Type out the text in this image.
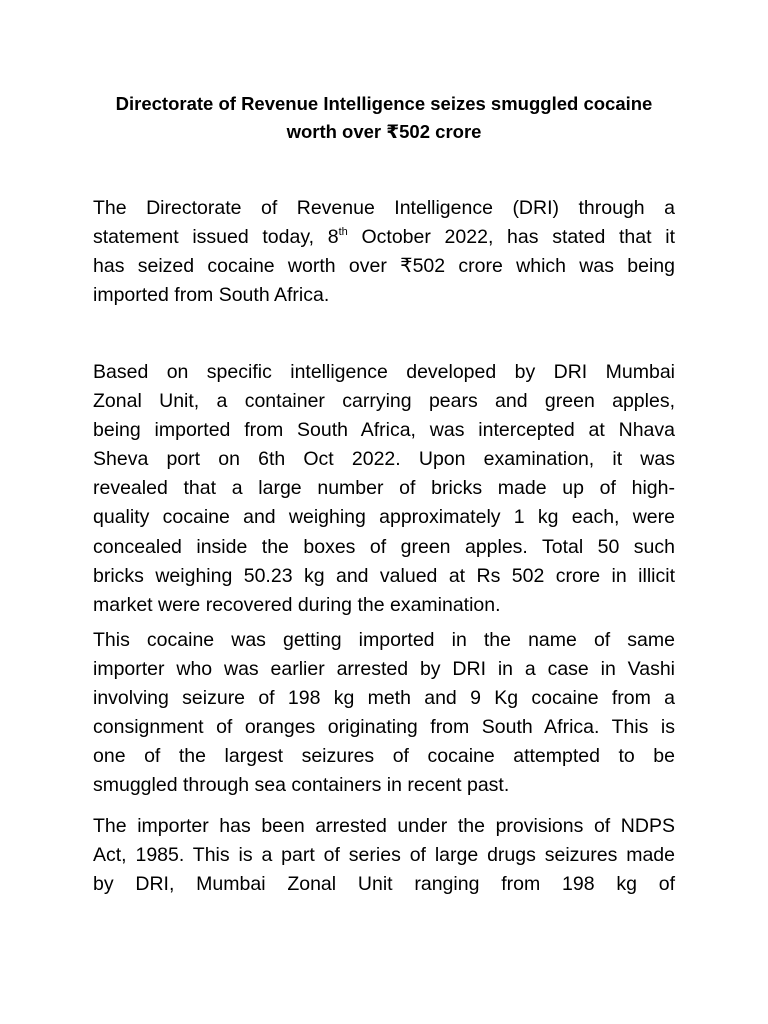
Directorate of Revenue Intelligence seizes smuggled cocaine
worth over ₹502 crore
The Directorate of Revenue Intelligence (DRI) through a
statement issued today, 8th October 2022, has stated that it
has seized cocaine worth over ₹502 crore which was being
imported from South Africa.
Based on specific intelligence developed by DRI Mumbai
Zonal Unit, a container carrying pears and green apples,
being imported from South Africa, was intercepted at Nhava
Sheva port on 6th Oct 2022. Upon examination, it was
revealed that a large number of bricks made up of high-
quality cocaine and weighing approximately 1 kg each, were
concealed inside the boxes of green apples. Total 50 such
bricks weighing 50.23 kg and valued at Rs 502 crore in illicit
market were recovered during the examination.
This cocaine was getting imported in the name of same
importer who was earlier arrested by DRI in a case in Vashi
involving seizure of 198 kg meth and 9 Kg cocaine from a
consignment of oranges originating from South Africa. This is
one of the largest seizures of cocaine attempted to be
smuggled through sea containers in recent past.
The importer has been arrested under the provisions of NDPS
Act, 1985. This is a part of series of large drugs seizures made
by DRI, Mumbai Zonal Unit ranging from 198 kg of
